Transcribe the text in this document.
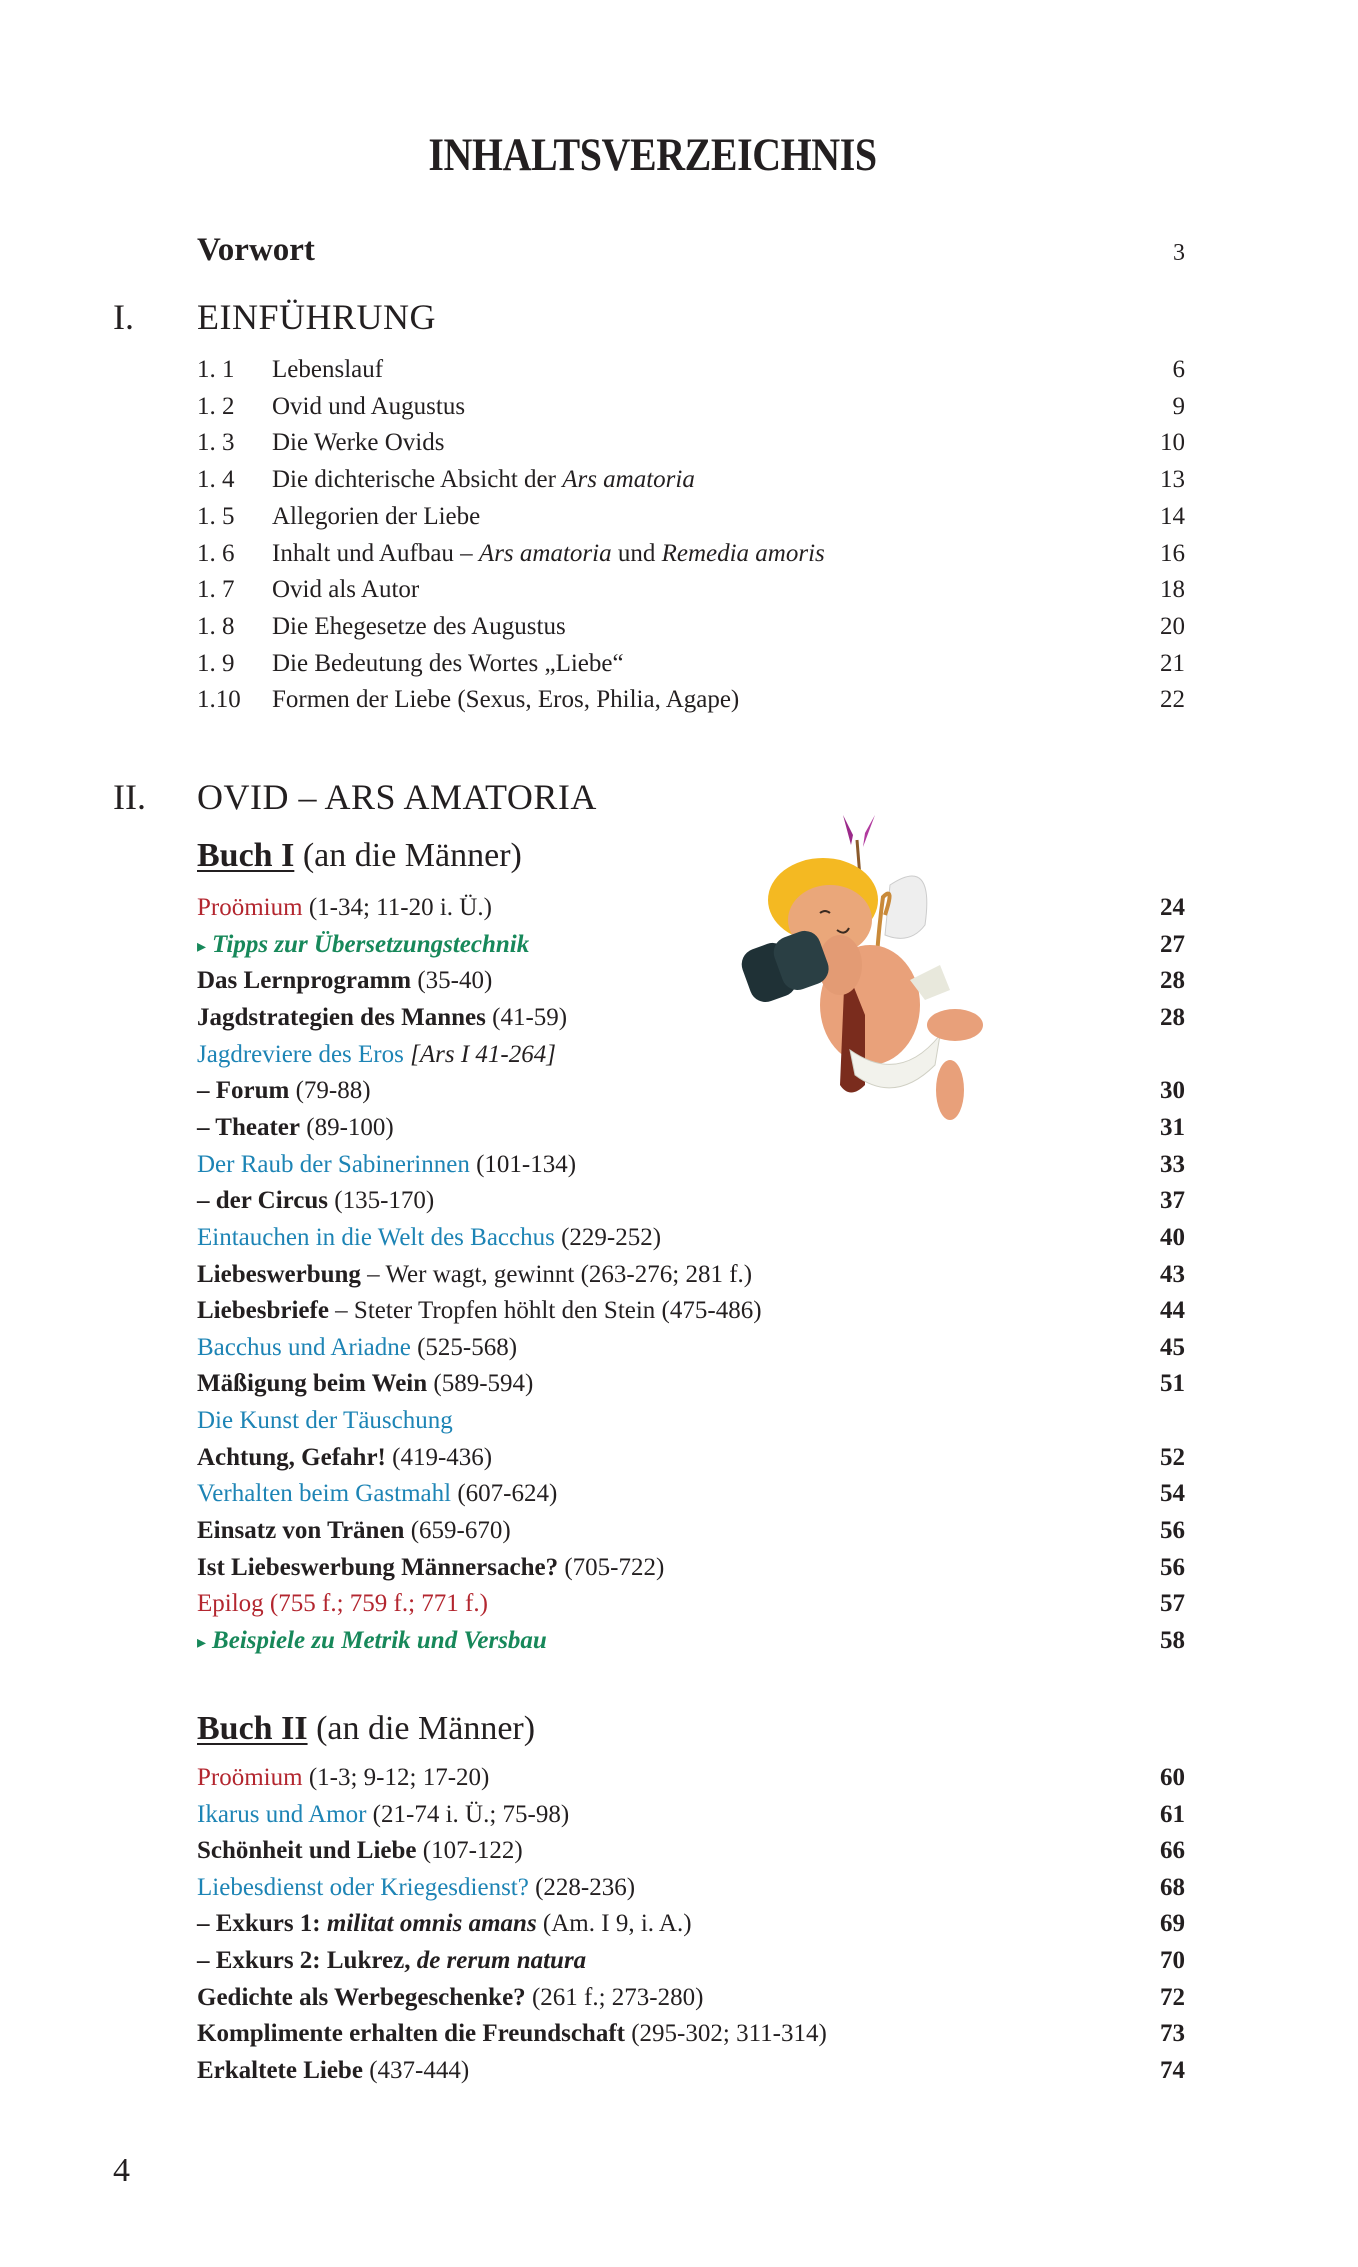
INHALTSVERZEICHNIS
Vorwort	3
I. EINFÜHRUNG
1. 1 Lebenslauf	6
1. 2 Ovid und Augustus	9
1. 3 Die Werke Ovids	10
1. 4 Die dichterische Absicht der Ars amatoria	13
1. 5 Allegorien der Liebe	14
1. 6 Inhalt und Aufbau – Ars amatoria und Remedia amoris	16
1. 7 Ovid als Autor	18
1. 8 Die Ehegesetze des Augustus	20
1. 9 Die Bedeutung des Wortes „Liebe“	21
1.10 Formen der Liebe (Sexus, Eros, Philia, Agape)	22
II. OVID – ARS AMATORIA
Buch I (an die Männer)
Proömium (1-34; 11-20 i. Ü.)	24
▸ Tipps zur Übersetzungstechnik	27
Das Lernprogramm (35-40)	28
Jagdstrategien des Mannes (41-59)	28
Jagdreviere des Eros [Ars I 41-264]
– Forum (79-88)	30
– Theater (89-100)	31
Der Raub der Sabinerinnen (101-134)	33
– der Circus (135-170)	37
Eintauchen in die Welt des Bacchus (229-252)	40
Liebeswerbung – Wer wagt, gewinnt (263-276; 281 f.)	43
Liebesbriefe – Steter Tropfen höhlt den Stein (475-486)	44
Bacchus und Ariadne (525-568)	45
Mäßigung beim Wein (589-594)	51
Die Kunst der Täuschung
Achtung, Gefahr! (419-436)	52
Verhalten beim Gastmahl (607-624)	54
Einsatz von Tränen (659-670)	56
Ist Liebeswerbung Männersache? (705-722)	56
Epilog (755 f.; 759 f.; 771 f.)	57
▸ Beispiele zu Metrik und Versbau	58
Buch II (an die Männer)
Proömium (1-3; 9-12; 17-20)	60
Ikarus und Amor (21-74 i. Ü.; 75-98)	61
Schönheit und Liebe (107-122)	66
Liebesdienst oder Kriegesdienst? (228-236)	68
– Exkurs 1: militat omnis amans (Am. I 9, i. A.)	69
– Exkurs 2: Lukrez, de rerum natura	70
Gedichte als Werbegeschenke? (261 f.; 273-280)	72
Komplimente erhalten die Freundschaft (295-302; 311-314)	73
Erkaltete Liebe (437-444)	74
4
